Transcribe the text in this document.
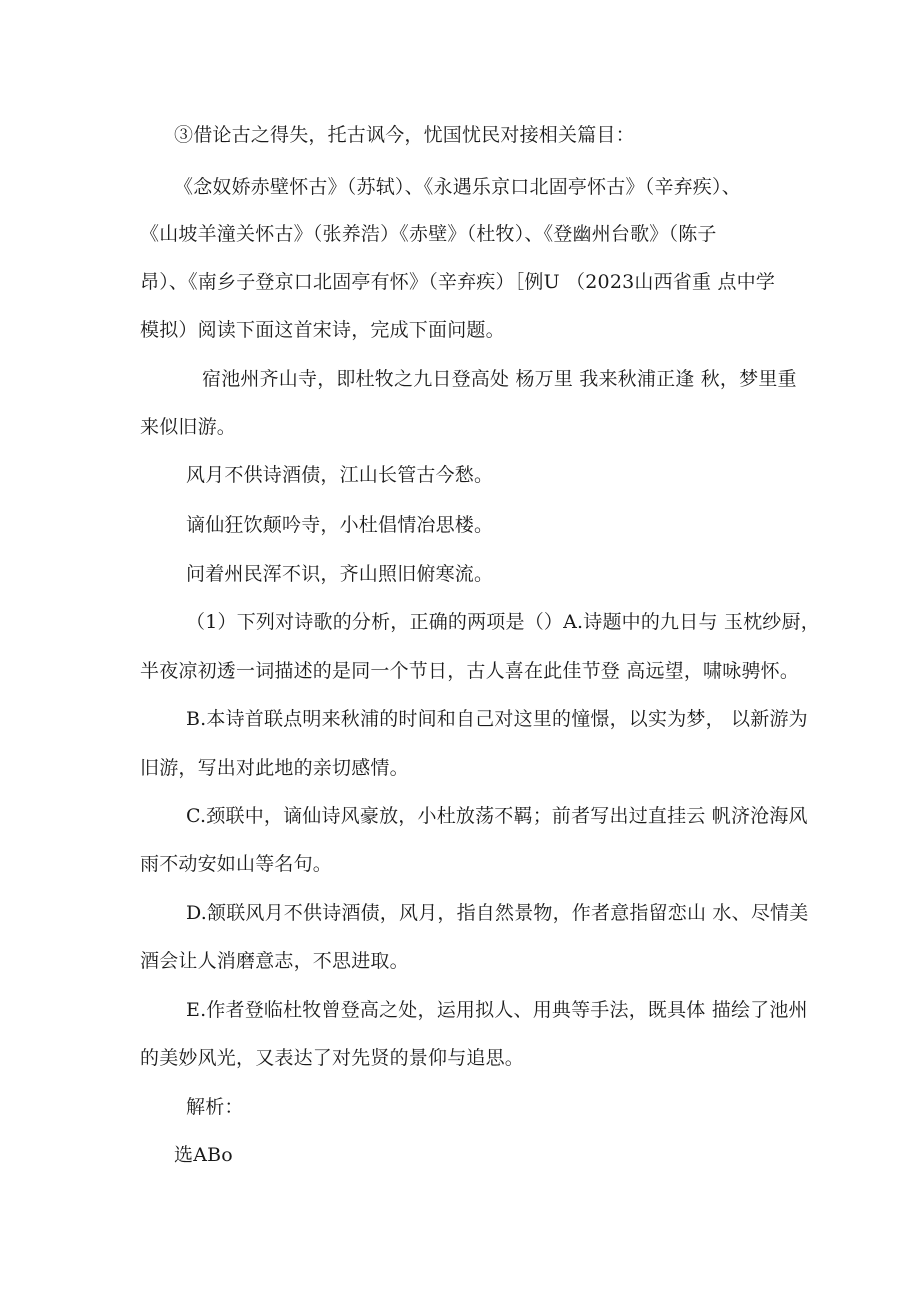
③借论古之得失，托古讽今，忧国忧民对接相关篇目：
《念奴娇赤壁怀古》（苏轼）、《永遇乐京口北固亭怀古》（辛弃疾）、
《山坡羊潼关怀古》（张养浩）《赤壁》（杜牧）、《登幽州台歌》（陈子
昂）、《南乡子登京口北固亭有怀》（辛弃疾）［例U （2023山西省重 点中学
模拟）阅读下面这首宋诗，完成下面问题。
宿池州齐山寺，即杜牧之九日登高处 杨万里 我来秋浦正逢 秋，梦里重
来似旧游。
风月不供诗酒债，江山长管古今愁。
谪仙狂饮颠吟寺，小杜倡情冶思楼。
问着州民浑不识，齐山照旧俯寒流。
（1）下列对诗歌的分析，正确的两项是（）A.诗题中的九日与 玉枕纱厨，
半夜凉初透一词描述的是同一个节日，古人喜在此佳节登 高远望，啸咏骋怀。
B.本诗首联点明来秋浦的时间和自己对这里的憧憬，以实为梦， 以新游为
旧游，写出对此地的亲切感情。
C.颈联中，谪仙诗风豪放，小杜放荡不羁；前者写出过直挂云 帆济沧海风
雨不动安如山等名句。
D.颔联风月不供诗酒债，风月，指自然景物，作者意指留恋山 水、尽情美
酒会让人消磨意志，不思进取。
E.作者登临杜牧曾登高之处，运用拟人、用典等手法，既具体 描绘了池州
的美妙风光，又表达了对先贤的景仰与追思。
解析：
选ABo
